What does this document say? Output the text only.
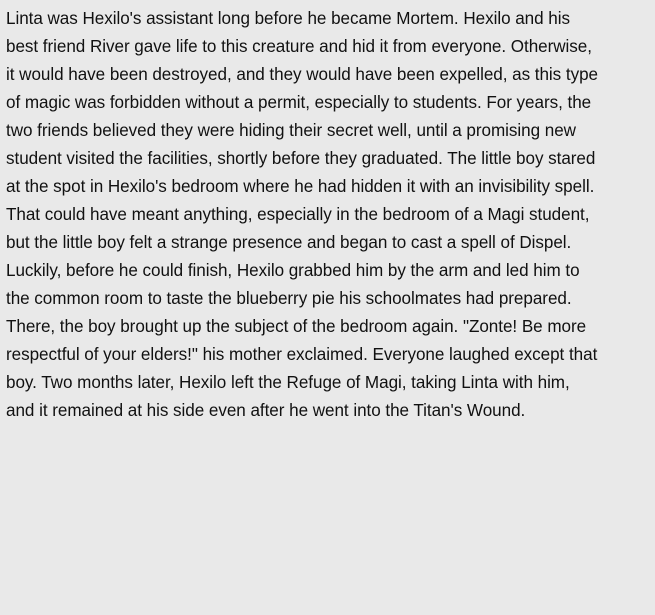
Linta was Hexilo's assistant long before he became Mortem. Hexilo and his
best friend River gave life to this creature and hid it from everyone. Otherwise,
it would have been destroyed, and they would have been expelled, as this type
of magic was forbidden without a permit, especially to students. For years, the
two friends believed they were hiding their secret well, until a promising new
student visited the facilities, shortly before they graduated. The little boy stared
at the spot in Hexilo's bedroom where he had hidden it with an invisibility spell.
That could have meant anything, especially in the bedroom of a Magi student,
but the little boy felt a strange presence and began to cast a spell of Dispel.
Luckily, before he could finish, Hexilo grabbed him by the arm and led him to
the common room to taste the blueberry pie his schoolmates had prepared.
There, the boy brought up the subject of the bedroom again. "Zonte! Be more
respectful of your elders!" his mother exclaimed. Everyone laughed except that
boy. Two months later, Hexilo left the Refuge of Magi, taking Linta with him,
and it remained at his side even after he went into the Titan's Wound.
